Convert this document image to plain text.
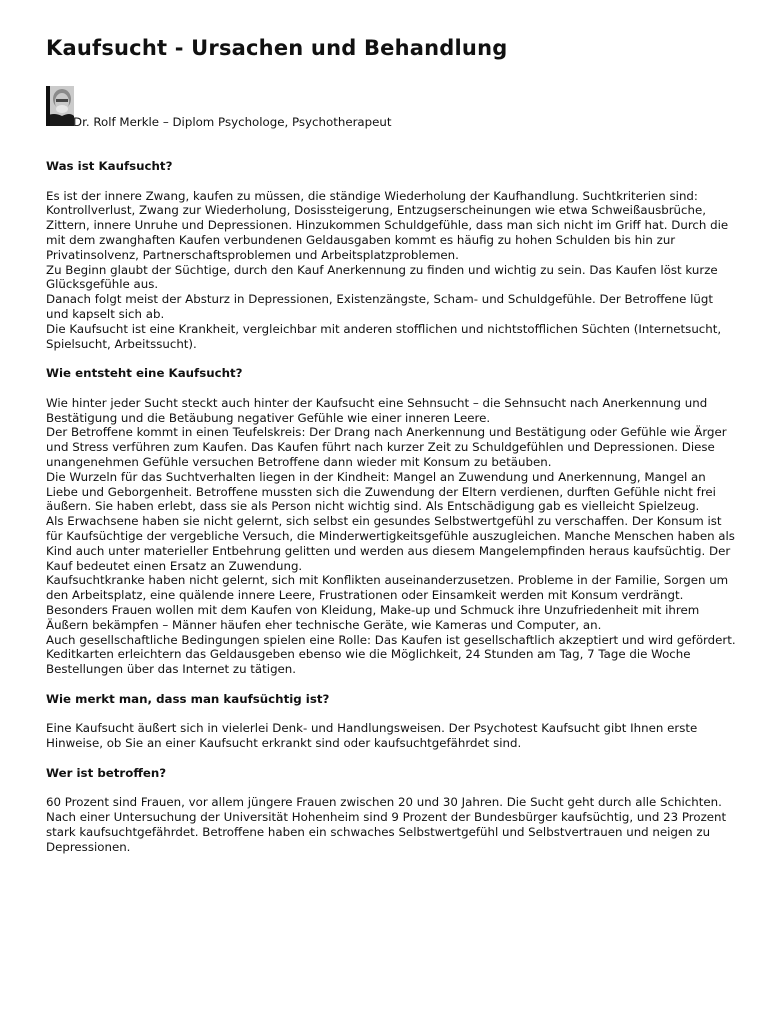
Kaufsucht - Ursachen und Behandlung
Dr. Rolf Merkle – Diplom Psychologe, Psychotherapeut
Was ist Kaufsucht?

Es ist der innere Zwang, kaufen zu müssen, die ständige Wiederholung der Kaufhandlung. Suchtkriterien sind: Kontrollverlust, Zwang zur Wiederholung, Dosissteigerung, Entzugserscheinungen wie etwa Schweißausbrüche, Zittern, innere Unruhe und Depressionen. Hinzukommen Schuldgefühle, dass man sich nicht im Griff hat. Durch die mit dem zwanghaften Kaufen verbundenen Geldausgaben kommt es häufig zu hohen Schulden bis hin zur Privatinsolvenz, Partnerschaftsproblemen und Arbeitsplatzproblemen.

Zu Beginn glaubt der Süchtige, durch den Kauf Anerkennung zu finden und wichtig zu sein. Das Kaufen löst kurze Glücksgefühle aus.

Danach folgt meist der Absturz in Depressionen, Existenzängste, Scham- und Schuldgefühle. Der Betroffene lügt und kapselt sich ab.

Die Kaufsucht ist eine Krankheit, vergleichbar mit anderen stofflichen und nichtstofflichen Süchten (Internetsucht, Spielsucht, Arbeitssucht).

Wie entsteht eine Kaufsucht?

Wie hinter jeder Sucht steckt auch hinter der Kaufsucht eine Sehnsucht – die Sehnsucht nach Anerkennung und Bestätigung und die Betäubung negativer Gefühle wie einer inneren Leere.

Der Betroffene kommt in einen Teufelskreis: Der Drang nach Anerkennung und Bestätigung oder Gefühle wie Ärger und Stress verführen zum Kaufen. Das Kaufen führt nach kurzer Zeit zu Schuldgefühlen und Depressionen. Diese unangenehmen Gefühle versuchen Betroffene dann wieder mit Konsum zu betäuben.

Die Wurzeln für das Suchtverhalten liegen in der Kindheit: Mangel an Zuwendung und Anerkennung, Mangel an Liebe und Geborgenheit. Betroffene mussten sich die Zuwendung der Eltern verdienen, durften Gefühle nicht frei äußern. Sie haben erlebt, dass sie als Person nicht wichtig sind. Als Entschädigung gab es vielleicht Spielzeug.

Als Erwachsene haben sie nicht gelernt, sich selbst ein gesundes Selbstwertgefühl zu verschaffen. Der Konsum ist für Kaufsüchtige der vergebliche Versuch, die Minderwertigkeitsgefühle auszugleichen. Manche Menschen haben als Kind auch unter materieller Entbehrung gelitten und werden aus diesem Mangelempfinden heraus kaufsüchtig. Der Kauf bedeutet einen Ersatz an Zuwendung.

Kaufsuchtkranke haben nicht gelernt, sich mit Konflikten auseinanderzusetzen. Probleme in der Familie, Sorgen um den Arbeitsplatz, eine quälende innere Leere, Frustrationen oder Einsamkeit werden mit Konsum verdrängt. Besonders Frauen wollen mit dem Kaufen von Kleidung, Make-up und Schmuck ihre Unzufriedenheit mit ihrem Äußern bekämpfen – Männer häufen eher technische Geräte, wie Kameras und Computer, an.

Auch gesellschaftliche Bedingungen spielen eine Rolle: Das Kaufen ist gesellschaftlich akzeptiert und wird gefördert. Keditkarten erleichtern das Geldausgeben ebenso wie die Möglichkeit, 24 Stunden am Tag, 7 Tage die Woche Bestellungen über das Internet zu tätigen.

Wie merkt man, dass man kaufsüchtig ist?

Eine Kaufsucht äußert sich in vielerlei Denk- und Handlungsweisen. Der Psychotest Kaufsucht gibt Ihnen erste Hinweise, ob Sie an einer Kaufsucht erkrankt sind oder kaufsuchtgefährdet sind.

Wer ist betroffen?

60 Prozent sind Frauen, vor allem jüngere Frauen zwischen 20 und 30 Jahren. Die Sucht geht durch alle Schichten. Nach einer Untersuchung der Universität Hohenheim sind 9 Prozent der Bundesbürger kaufsüchtig, und 23 Prozent stark kaufsuchtgefährdet. Betroffene haben ein schwaches Selbstwertgefühl und Selbstvertrauen und neigen zu Depressionen.
